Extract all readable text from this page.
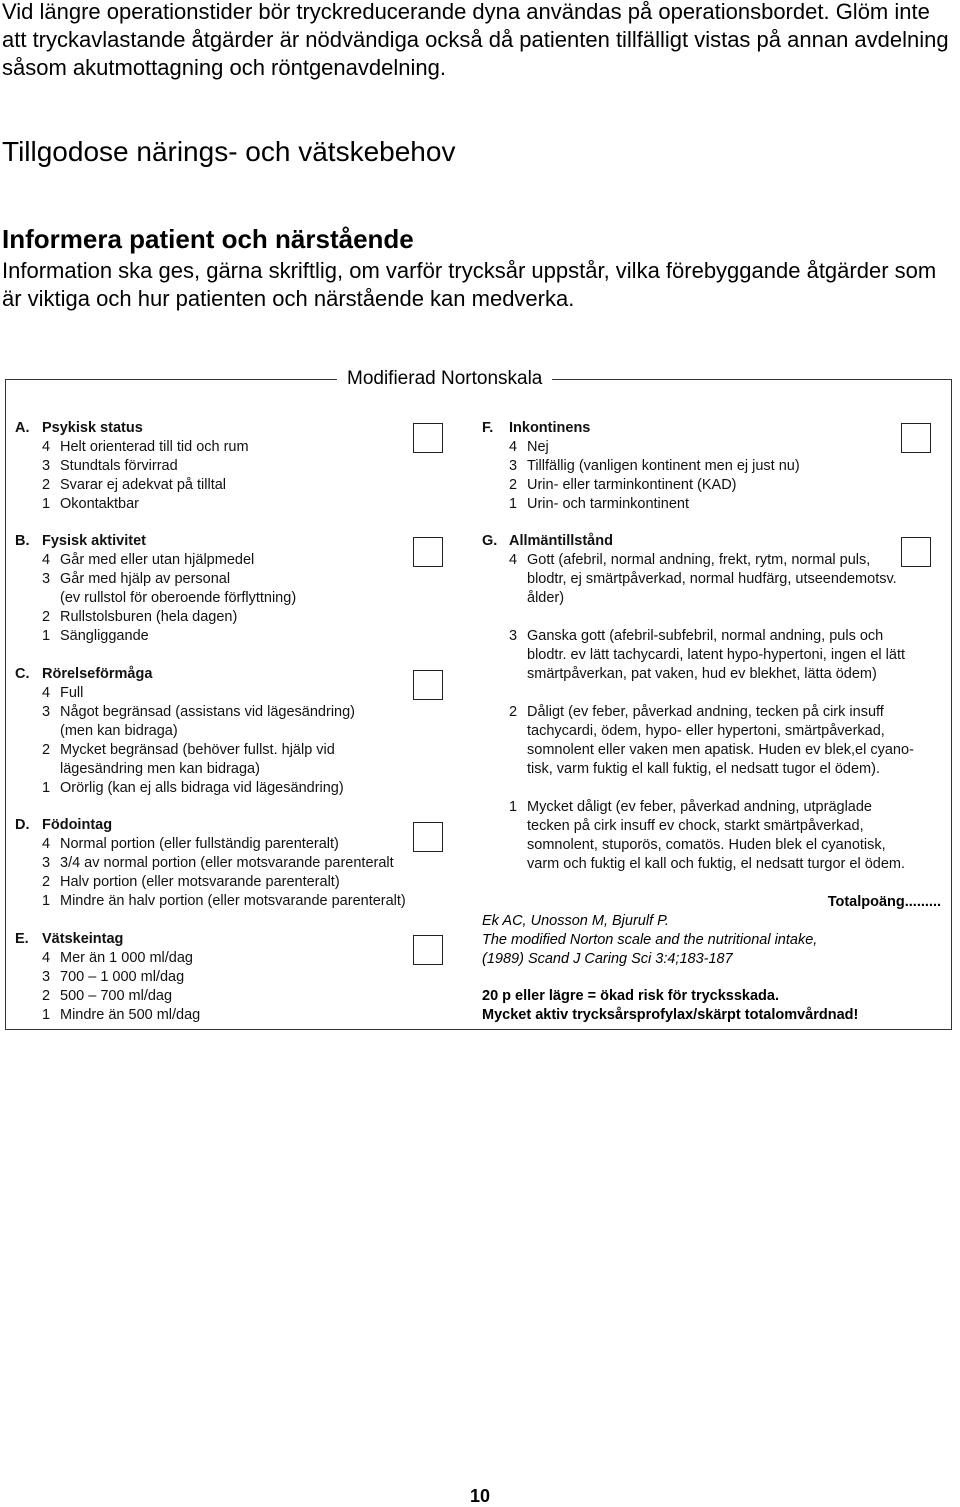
Vid längre operationstider bör tryckreducerande dyna användas på operationsbordet. Glöm inte att tryckavlastande åtgärder är nödvändiga också då patienten tillfälligt vistas på annan avdelning såsom akutmottagning och röntgenavdelning.
Tillgodose närings- och vätskebehov
Informera patient och närstående
Information ska ges, gärna skriftlig, om varför trycksår uppstår, vilka förebyggande åtgärder som är viktiga och hur patienten och närstående kan medverka.
Modifierad Nortonskala
A. Psykisk status
4 Helt orienterad till tid och rum
3 Stundtals förvirrad
2 Svarar ej adekvat på tilltal
1 Okontaktbar
B. Fysisk aktivitet
4 Går med eller utan hjälpmedel
3 Går med hjälp av personal
(ev rullstol för oberoende förflyttning)
2 Rullstolsburen (hela dagen)
1 Sängliggande
C. Rörelseförmåga
4 Full
3 Något begränsad (assistans vid lägesändring)
(men kan bidraga)
2 Mycket begränsad (behöver fullst. hjälp vid
lägesändring men kan bidraga)
1 Orörlig (kan ej alls bidraga vid lägesändring)
D. Födointag
4 Normal portion (eller fullständig parenteralt)
3 3/4 av normal portion (eller motsvarande parenteralt
2 Halv portion (eller motsvarande parenteralt)
1 Mindre än halv portion (eller motsvarande parenteralt)
E. Vätskeintag
4 Mer än 1 000 ml/dag
3 700 – 1 000 ml/dag
2 500 – 700 ml/dag
1 Mindre än 500 ml/dag
F.	Inkontinens
4 Nej
3 Tillfällig (vanligen kontinent men ej just nu)
2 Urin- eller tarminkontinent (KAD)
1 Urin- och tarminkontinent
G. Allmäntillstånd
4 Gott (afebril, normal andning, frekt, rytm, normal puls,
blodtr, ej smärtpåverkad, normal hudfärg, utseendemotsv.
ålder)
3 Ganska gott (afebril-subfebril, normal andning, puls och
blodtr. ev lätt tachycardi, latent hypo-hypertoni, ingen el lätt
smärtpåverkan, pat vaken, hud ev blekhet, lätta ödem)
2 Dåligt (ev feber, påverkad andning, tecken på cirk insuff
tachycardi, ödem, hypo- eller hypertoni, smärtpåverkad,
somnolent eller vaken men apatisk. Huden ev blek,el cyano-
tisk, varm fuktig el kall fuktig, el nedsatt tugor el ödem).
1 Mycket dåligt (ev feber, påverkad andning, utpräglade
tecken på cirk insuff ev chock, starkt smärtpåverkad,
somnolent, stuporös, comatös. Huden blek el cyanotisk,
varm och fuktig el kall och fuktig, el nedsatt turgor el ödem.
Totalpoäng.........
Ek AC, Unosson M, Bjurulf P.
The modified Norton scale and the nutritional intake,
(1989) Scand J Caring Sci 3:4;183-187
20 p eller lägre = ökad risk för trycksskada.
Mycket aktiv trycksårsprofylax/skärpt totalomvårdnad!
10
